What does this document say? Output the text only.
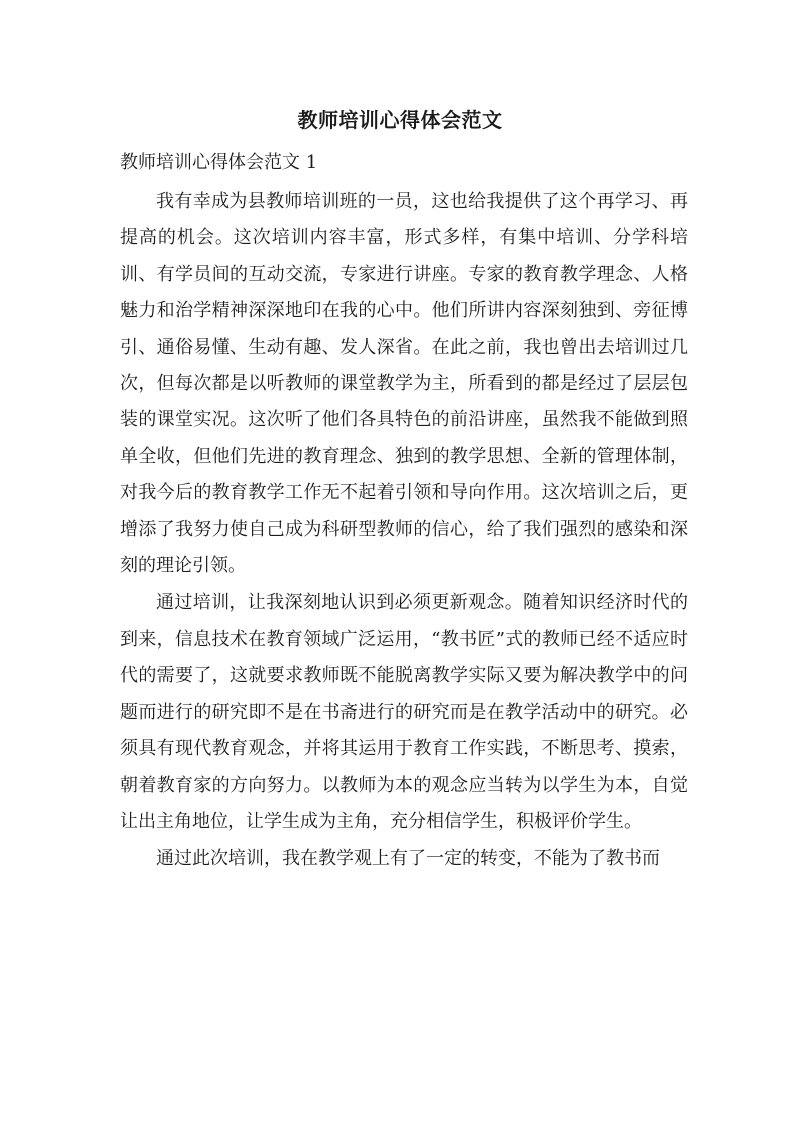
教师培训心得体会范文
教师培训心得体会范文 1

我有幸成为县教师培训班的一员，这也给我提供了这个再学习、再提高的机会。这次培训内容丰富，形式多样，有集中培训、分学科培训、有学员间的互动交流，专家进行讲座。专家的教育教学理念、人格魅力和治学精神深深地印在我的心中。他们所讲内容深刻独到、旁征博引、通俗易懂、生动有趣、发人深省。在此之前，我也曾出去培训过几次，但每次都是以听教师的课堂教学为主，所看到的都是经过了层层包装的课堂实况。这次听了他们各具特色的前沿讲座，虽然我不能做到照单全收，但他们先进的教育理念、独到的教学思想、全新的管理体制，对我今后的教育教学工作无不起着引领和导向作用。这次培训之后，更增添了我努力使自己成为科研型教师的信心，给了我们强烈的感染和深刻的理论引领。

通过培训，让我深刻地认识到必须更新观念。随着知识经济时代的到来，信息技术在教育领域广泛运用，“教书匠”式的教师已经不适应时代的需要了，这就要求教师既不能脱离教学实际又要为解决教学中的问题而进行的研究即不是在书斋进行的研究而是在教学活动中的研究。必须具有现代教育观念，并将其运用于教育工作实践，不断思考、摸索，朝着教育家的方向努力。以教师为本的观念应当转为以学生为本，自觉让出主角地位，让学生成为主角，充分相信学生，积极评价学生。

通过此次培训，我在教学观上有了一定的转变，不能为了教书而
